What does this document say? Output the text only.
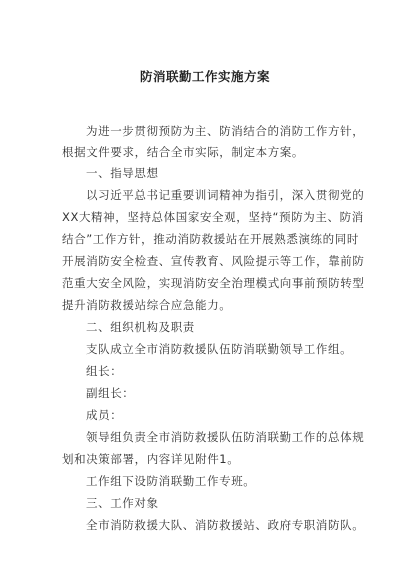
防消联勤工作实施方案
为进一步贯彻预防为主、防消结合的消防工作方针，
根据文件要求，结合全市实际，制定本方案。
一、指导思想
以习近平总书记重要训词精神为指引，深入贯彻党的
XX大精神，坚持总体国家安全观，坚持“预防为主、防消
结合”工作方针，推动消防救援站在开展熟悉演练的同时
开展消防安全检查、宣传教育、风险提示等工作，靠前防
范重大安全风险，实现消防安全治理模式向事前预防转型
提升消防救援站综合应急能力。
二、组织机构及职责
支队成立全市消防救援队伍防消联勤领导工作组。
组长：
副组长：
成员：
领导组负责全市消防救援队伍防消联勤工作的总体规
划和决策部署，内容详见附件1。
工作组下设防消联勤工作专班。
三、工作对象
全市消防救援大队、消防救援站、政府专职消防队。
